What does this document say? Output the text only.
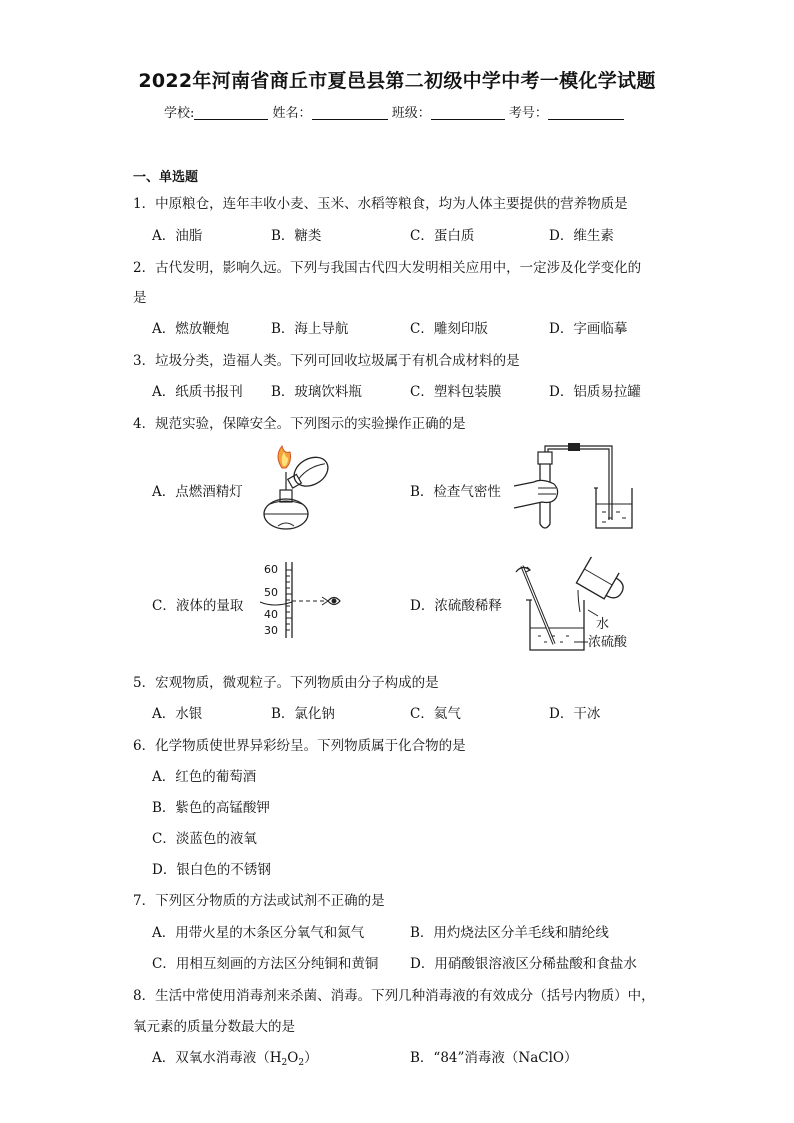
2022年河南省商丘市夏邑县第二初级中学中考一模化学试题
学校:	姓名：	班级：	考号：
一、单选题
1．中原粮仓，连年丰收小麦、玉米、水稻等粮食，均为人体主要提供的营养物质是
A．油脂	B．糖类	C．蛋白质	D．维生素
2．古代发明，影响久远。下列与我国古代四大发明相关应用中，一定涉及化学变化的
是
A．燃放鞭炮	B．海上导航	C．雕刻印版	D．字画临摹
3．垃圾分类，造福人类。下列可回收垃圾属于有机合成材料的是
A．纸质书报刊 B．玻璃饮料瓶	C．塑料包装膜	D．铝质易拉罐
4．规范实验，保障安全。下列图示的实验操作正确的是
A．点燃酒精灯	B．检查气密性
C．液体的量取
60
50
40
30
D．浓硫酸稀释
水
浓硫酸
5．宏观物质，微观粒子。下列物质由分子构成的是
A．水银	B．氯化钠	C．氦气	D．干冰
6．化学物质使世界异彩纷呈。下列物质属于化合物的是
A．红色的葡萄酒
B．紫色的高锰酸钾
C．淡蓝色的液氧
D．银白色的不锈钢
7．下列区分物质的方法或试剂不正确的是
A．用带火星的木条区分氧气和氮气	B．用灼烧法区分羊毛线和腈纶线
C．用相互刻画的方法区分纯铜和黄铜 D．用硝酸银溶液区分稀盐酸和食盐水
8．生活中常使用消毒剂来杀菌、消毒。下列几种消毒液的有效成分（括号内物质）中，
氧元素的质量分数最大的是
A．双氧水消毒液$(H_2O_2)$	B．“84”消毒液（NaClO）
